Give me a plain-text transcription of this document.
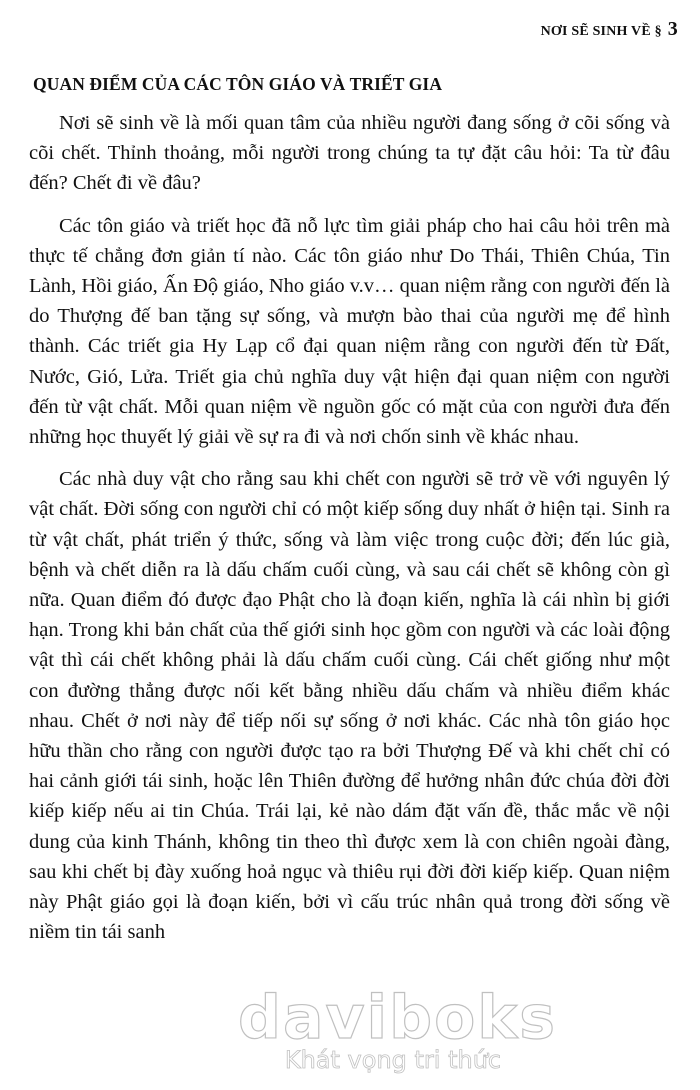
NƠI SẼ SINH VỀ § 3
QUAN ĐIỂM CỦA CÁC TÔN GIÁO VÀ TRIẾT GIA

Nơi sẽ sinh về là mối quan tâm của nhiều người đang sống ở cõi sống và cõi chết. Thỉnh thoảng, mỗi người trong chúng ta tự đặt câu hỏi: Ta từ đâu đến? Chết đi về đâu?

Các tôn giáo và triết học đã nỗ lực tìm giải pháp cho hai câu hỏi trên mà thực tế chẳng đơn giản tí nào. Các tôn giáo như Do Thái, Thiên Chúa, Tin Lành, Hồi giáo, Ấn Độ giáo, Nho giáo v.v… quan niệm rằng con người đến là do Thượng đế ban tặng sự sống, và mượn bào thai của người mẹ để hình thành. Các triết gia Hy Lạp cổ đại quan niệm rằng con người đến từ Đất, Nước, Gió, Lửa. Triết gia chủ nghĩa duy vật hiện đại quan niệm con người đến từ vật chất. Mỗi quan niệm về nguồn gốc có mặt của con người đưa đến những học thuyết lý giải về sự ra đi và nơi chốn sinh về khác nhau.

Các nhà duy vật cho rằng sau khi chết con người sẽ trở về với nguyên lý vật chất. Đời sống con người chỉ có một kiếp sống duy nhất ở hiện tại. Sinh ra từ vật chất, phát triển ý thức, sống và làm việc trong cuộc đời; đến lúc già, bệnh và chết diễn ra là dấu chấm cuối cùng, và sau cái chết sẽ không còn gì nữa. Quan điểm đó được đạo Phật cho là đoạn kiến, nghĩa là cái nhìn bị giới hạn. Trong khi bản chất của thế giới sinh học gồm con người và các loài động vật thì cái chết không phải là dấu chấm cuối cùng. Cái chết giống như một con đường thẳng được nối kết bằng nhiều dấu chấm và nhiều điểm khác nhau. Chết ở nơi này để tiếp nối sự sống ở nơi khác. Các nhà tôn giáo học hữu thần cho rằng con người được tạo ra bởi Thượng Đế và khi chết chỉ có hai cảnh giới tái sinh, hoặc lên Thiên đường để hưởng nhân đức chúa đời đời kiếp kiếp nếu ai tin Chúa. Trái lại, kẻ nào dám đặt vấn đề, thắc mắc về nội dung của kinh Thánh, không tin theo thì được xem là con chiên ngoài đàng, sau khi chết bị đày xuống hoả ngục và thiêu rụi đời đời kiếp kiếp. Quan niệm này Phật giáo gọi là đoạn kiến, bởi vì cấu trúc nhân quả trong đời sống về niềm tin tái sanh

daviboks
Khát vọng tri thức
